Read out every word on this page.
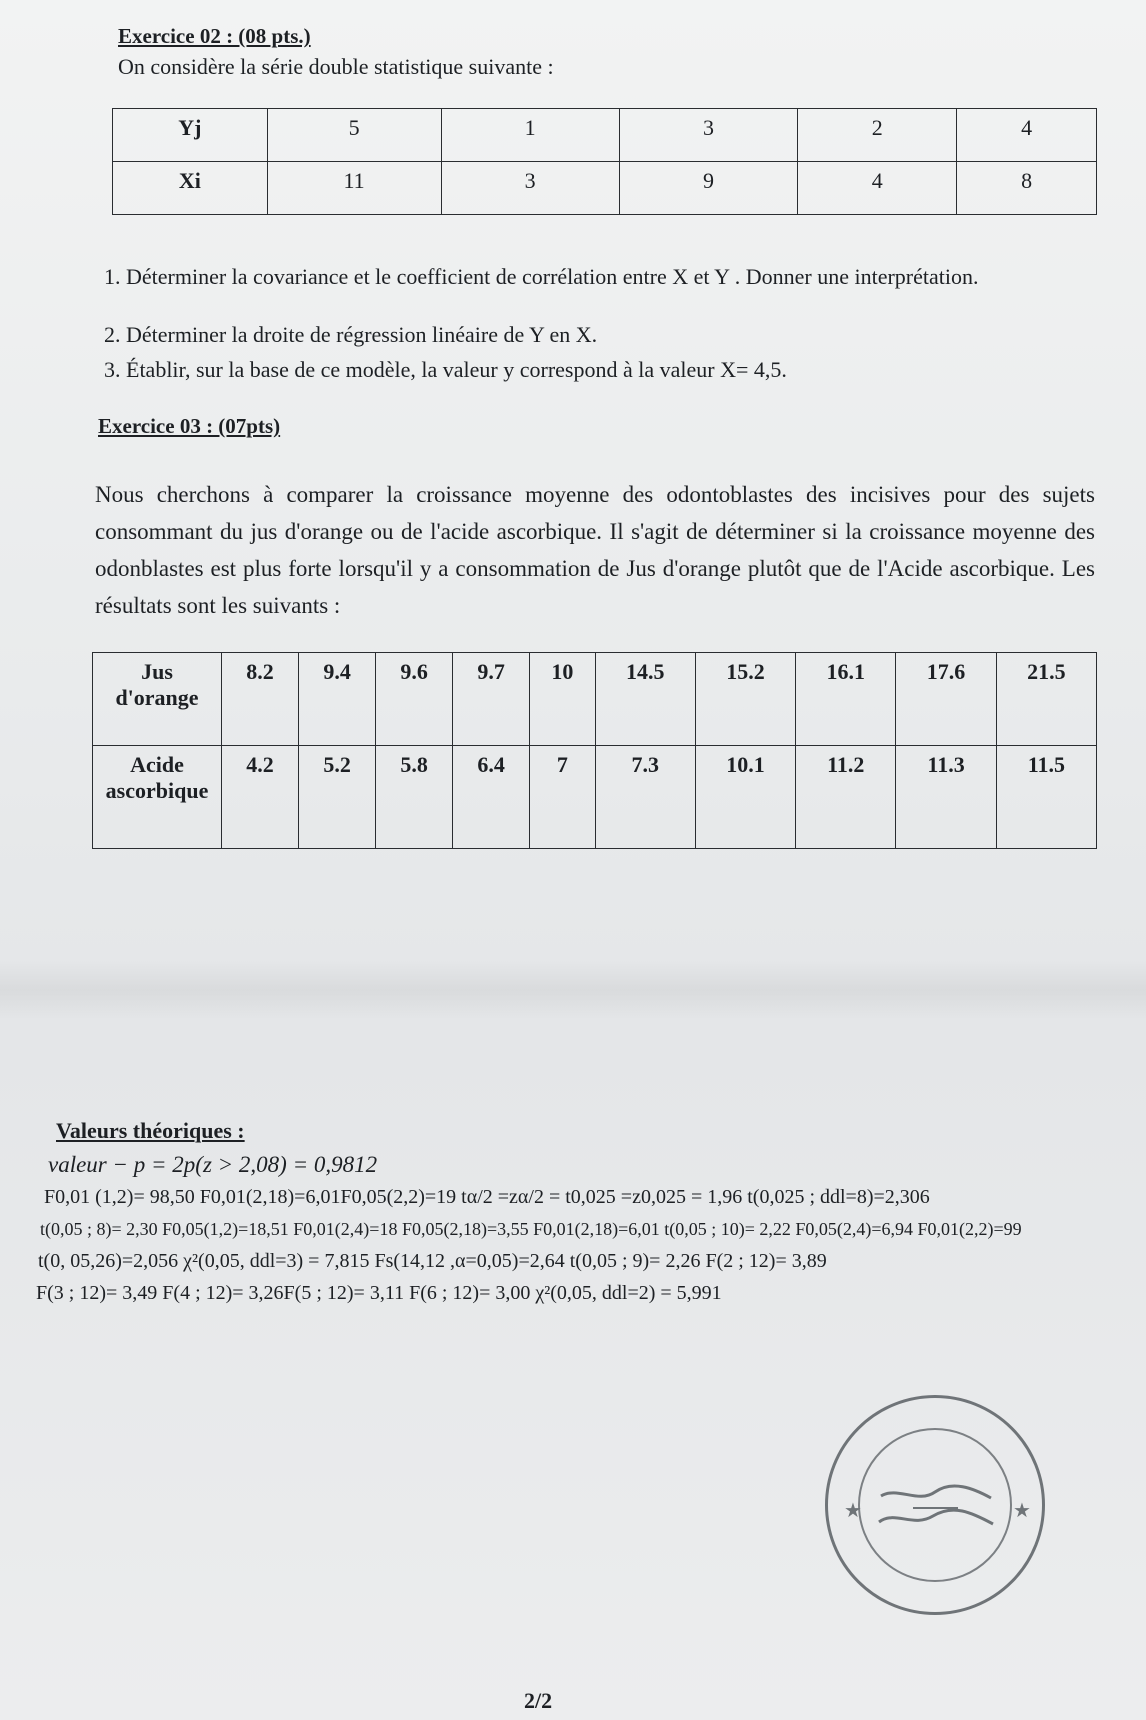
Exercice 02 : (08 pts.)
On considère la série double statistique suivante :
Yj	5	1	3	2	4
Xi	11	3	9	4	8
1. Déterminer la covariance et le coefficient de corrélation entre X et Y . Donner une interprétation.
2. Déterminer la droite de régression linéaire de Y en X.
3. Établir, sur la base de ce modèle, la valeur y correspond à la valeur X= 4,5.
Exercice 03 : (07pts)
Nous cherchons à comparer la croissance moyenne des odontoblastes des incisives pour des sujets consommant du jus d'orange ou de l'acide ascorbique. Il s'agit de déterminer si la croissance moyenne des odonblastes est plus forte lorsqu'il y a consommation de Jus d'orange plutôt que de l'Acide ascorbique. Les résultats sont les suivants :
Jus d'orange	8.2	9.4	9.6	9.7	10	14.5	15.2	16.1	17.6	21.5
Acide ascorbique	4.2	5.2	5.8	6.4	7	7.3	10.1	11.2	11.3	11.5
Valeurs théoriques :
valeur − p = 2p(z > 2,08) = 0,9812
F0,01 (1,2)= 98,50 F0,01(2,18)=6,01F0,05(2,2)=19 tα/2 =zα/2 = t0,025 =z0,025 = 1,96 t(0,025 ; ddl=8)=2,306
t(0,05 ; 8)= 2,30 F0,05(1,2)=18,51 F0,01(2,4)=18 F0,05(2,18)=3,55 F0,01(2,18)=6,01 t(0,05 ; 10)= 2,22 F0,05(2,4)=6,94 F0,01(2,2)=99
t(0, 05,26)=2,056 χ²(0,05, ddl=3) = 7,815 Fs(14,12 ,α=0,05)=2,64 t(0,05 ; 9)= 2,26 F(2 ; 12)= 3,89
F(3 ; 12)= 3,49 F(4 ; 12)= 3,26F(5 ; 12)= 3,11 F(6 ; 12)= 3,00 χ²(0,05, ddl=2) = 5,991
★	★
2/2
